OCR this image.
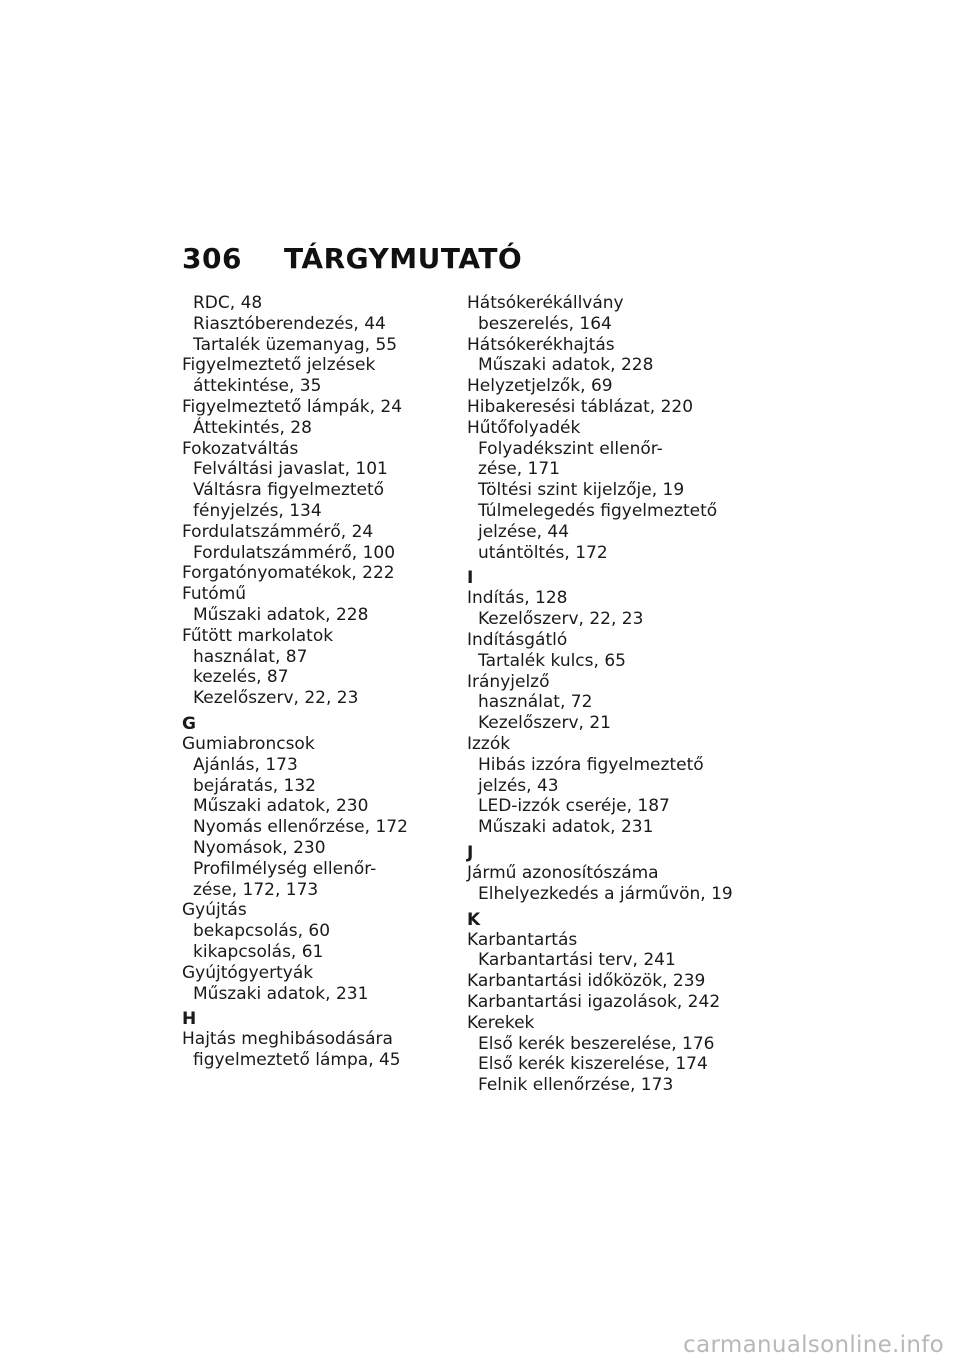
306	TÁRGYMUTATÓ
RDC, 48
Riasztóberendezés, 44
Tartalék üzemanyag, 55
Figyelmeztető jelzések
áttekintése, 35
Figyelmeztető lámpák, 24
Áttekintés, 28
Fokozatváltás
Felváltási javaslat, 101
Váltásra figyelmeztető
fényjelzés, 134
Fordulatszámmérő, 24
Fordulatszámmérő, 100
Forgatónyomatékok, 222
Futómű
Műszaki adatok, 228
Fűtött markolatok
használat, 87
kezelés, 87
Kezelőszerv, 22, 23
G
Gumiabroncsok
Ajánlás, 173
bejáratás, 132
Műszaki adatok, 230
Nyomás ellenőrzése, 172
Nyomások, 230
Profilmélység ellenőr-
zése, 172, 173
Gyújtás
bekapcsolás, 60
kikapcsolás, 61
Gyújtógyertyák
Műszaki adatok, 231
H
Hajtás meghibásodására
figyelmeztető lámpa, 45
Hátsókerékállvány
beszerelés, 164
Hátsókerékhajtás
Műszaki adatok, 228
Helyzetjelzők, 69
Hibakeresési táblázat, 220
Hűtőfolyadék
Folyadékszint ellenőr-
zése, 171
Töltési szint kijelzője, 19
Túlmelegedés figyelmeztető
jelzése, 44
utántöltés, 172
I
Indítás, 128
Kezelőszerv, 22, 23
Indításgátló
Tartalék kulcs, 65
Irányjelző
használat, 72
Kezelőszerv, 21
Izzók
Hibás izzóra figyelmeztető
jelzés, 43
LED-izzók cseréje, 187
Műszaki adatok, 231
J
Jármű azonosítószáma
Elhelyezkedés a járművön, 19
K
Karbantartás
Karbantartási terv, 241
Karbantartási időközök, 239
Karbantartási igazolások, 242
Kerekek
Első kerék beszerelése, 176
Első kerék kiszerelése, 174
Felnik ellenőrzése, 173
carmanualsonline.info
